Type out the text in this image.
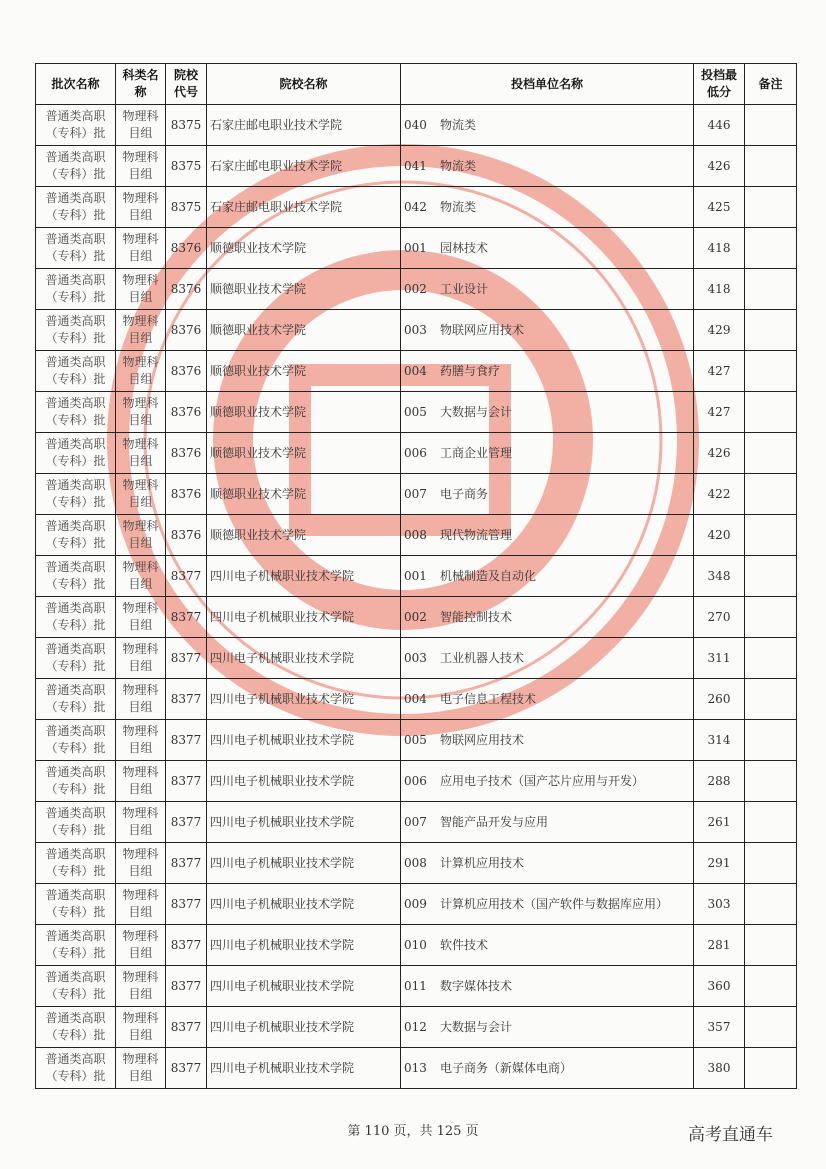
批次名称	科类名称	院校代号	院校名称	投档单位名称	投档最低分	备注
普通类高职（专科）批	物理科目组	8375	石家庄邮电职业技术学院	040 物流类	446	
普通类高职（专科）批	物理科目组	8375	石家庄邮电职业技术学院	041 物流类	426	
普通类高职（专科）批	物理科目组	8375	石家庄邮电职业技术学院	042 物流类	425	
普通类高职（专科）批	物理科目组	8376	顺德职业技术学院	001 园林技术	418	
普通类高职（专科）批	物理科目组	8376	顺德职业技术学院	002 工业设计	418	
普通类高职（专科）批	物理科目组	8376	顺德职业技术学院	003 物联网应用技术	429	
普通类高职（专科）批	物理科目组	8376	顺德职业技术学院	004 药膳与食疗	427	
普通类高职（专科）批	物理科目组	8376	顺德职业技术学院	005 大数据与会计	427	
普通类高职（专科）批	物理科目组	8376	顺德职业技术学院	006 工商企业管理	426	
普通类高职（专科）批	物理科目组	8376	顺德职业技术学院	007 电子商务	422	
普通类高职（专科）批	物理科目组	8376	顺德职业技术学院	008 现代物流管理	420	
普通类高职（专科）批	物理科目组	8377	四川电子机械职业技术学院	001 机械制造及自动化	348	
普通类高职（专科）批	物理科目组	8377	四川电子机械职业技术学院	002 智能控制技术	270	
普通类高职（专科）批	物理科目组	8377	四川电子机械职业技术学院	003 工业机器人技术	311	
普通类高职（专科）批	物理科目组	8377	四川电子机械职业技术学院	004 电子信息工程技术	260	
普通类高职（专科）批	物理科目组	8377	四川电子机械职业技术学院	005 物联网应用技术	314	
普通类高职（专科）批	物理科目组	8377	四川电子机械职业技术学院	006 应用电子技术（国产芯片应用与开发）	288	
普通类高职（专科）批	物理科目组	8377	四川电子机械职业技术学院	007 智能产品开发与应用	261	
普通类高职（专科）批	物理科目组	8377	四川电子机械职业技术学院	008 计算机应用技术	291	
普通类高职（专科）批	物理科目组	8377	四川电子机械职业技术学院	009 计算机应用技术（国产软件与数据库应用）	303	
普通类高职（专科）批	物理科目组	8377	四川电子机械职业技术学院	010 软件技术	281	
普通类高职（专科）批	物理科目组	8377	四川电子机械职业技术学院	011 数字媒体技术	360	
普通类高职（专科）批	物理科目组	8377	四川电子机械职业技术学院	012 大数据与会计	357	
普通类高职（专科）批	物理科目组	8377	四川电子机械职业技术学院	013 电子商务（新媒体电商）	380	
第 110 页，共 125 页	高考直通车
